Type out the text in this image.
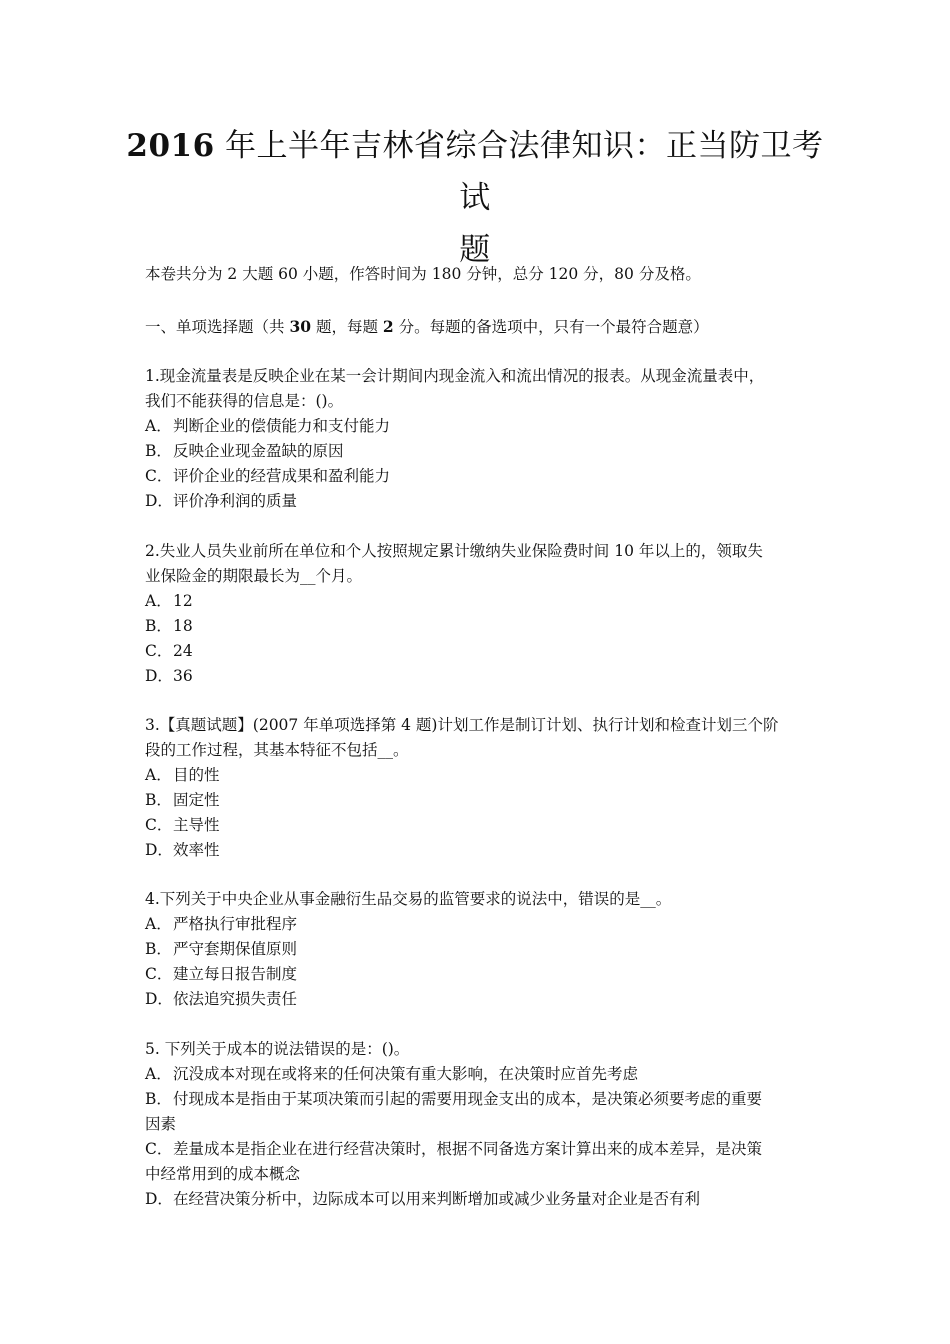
2016 年上半年吉林省综合法律知识：正当防卫考试
题
本卷共分为 2 大题 60 小题，作答时间为 180 分钟，总分 120 分，80 分及格。
一、单项选择题（共 30 题，每题 2 分。每题的备选项中，只有一个最符合题意）
1.现金流量表是反映企业在某一会计期间内现金流入和流出情况的报表。从现金流量表中，
我们不能获得的信息是：()。
A．判断企业的偿债能力和支付能力
B．反映企业现金盈缺的原因
C．评价企业的经营成果和盈利能力
D．评价净利润的质量
2.失业人员失业前所在单位和个人按照规定累计缴纳失业保险费时间 10 年以上的，领取失
业保险金的期限最长为__个月。
A．12
B．18
C．24
D．36
3.【真题试题】(2007 年单项选择第 4 题)计划工作是制订计划、执行计划和检查计划三个阶
段的工作过程，其基本特征不包括__。
A．目的性
B．固定性
C．主导性
D．效率性
4.下列关于中央企业从事金融衍生品交易的监管要求的说法中，错误的是__。
A．严格执行审批程序
B．严守套期保值原则
C．建立每日报告制度
D．依法追究损失责任
5. 下列关于成本的说法错误的是：()。
A．沉没成本对现在或将来的任何决策有重大影响，在决策时应首先考虑
B．付现成本是指由于某项决策而引起的需要用现金支出的成本，是决策必须要考虑的重要
因素
C．差量成本是指企业在进行经营决策时，根据不同备选方案计算出来的成本差异，是决策
中经常用到的成本概念
D．在经营决策分析中，边际成本可以用来判断增加或减少业务量对企业是否有利
